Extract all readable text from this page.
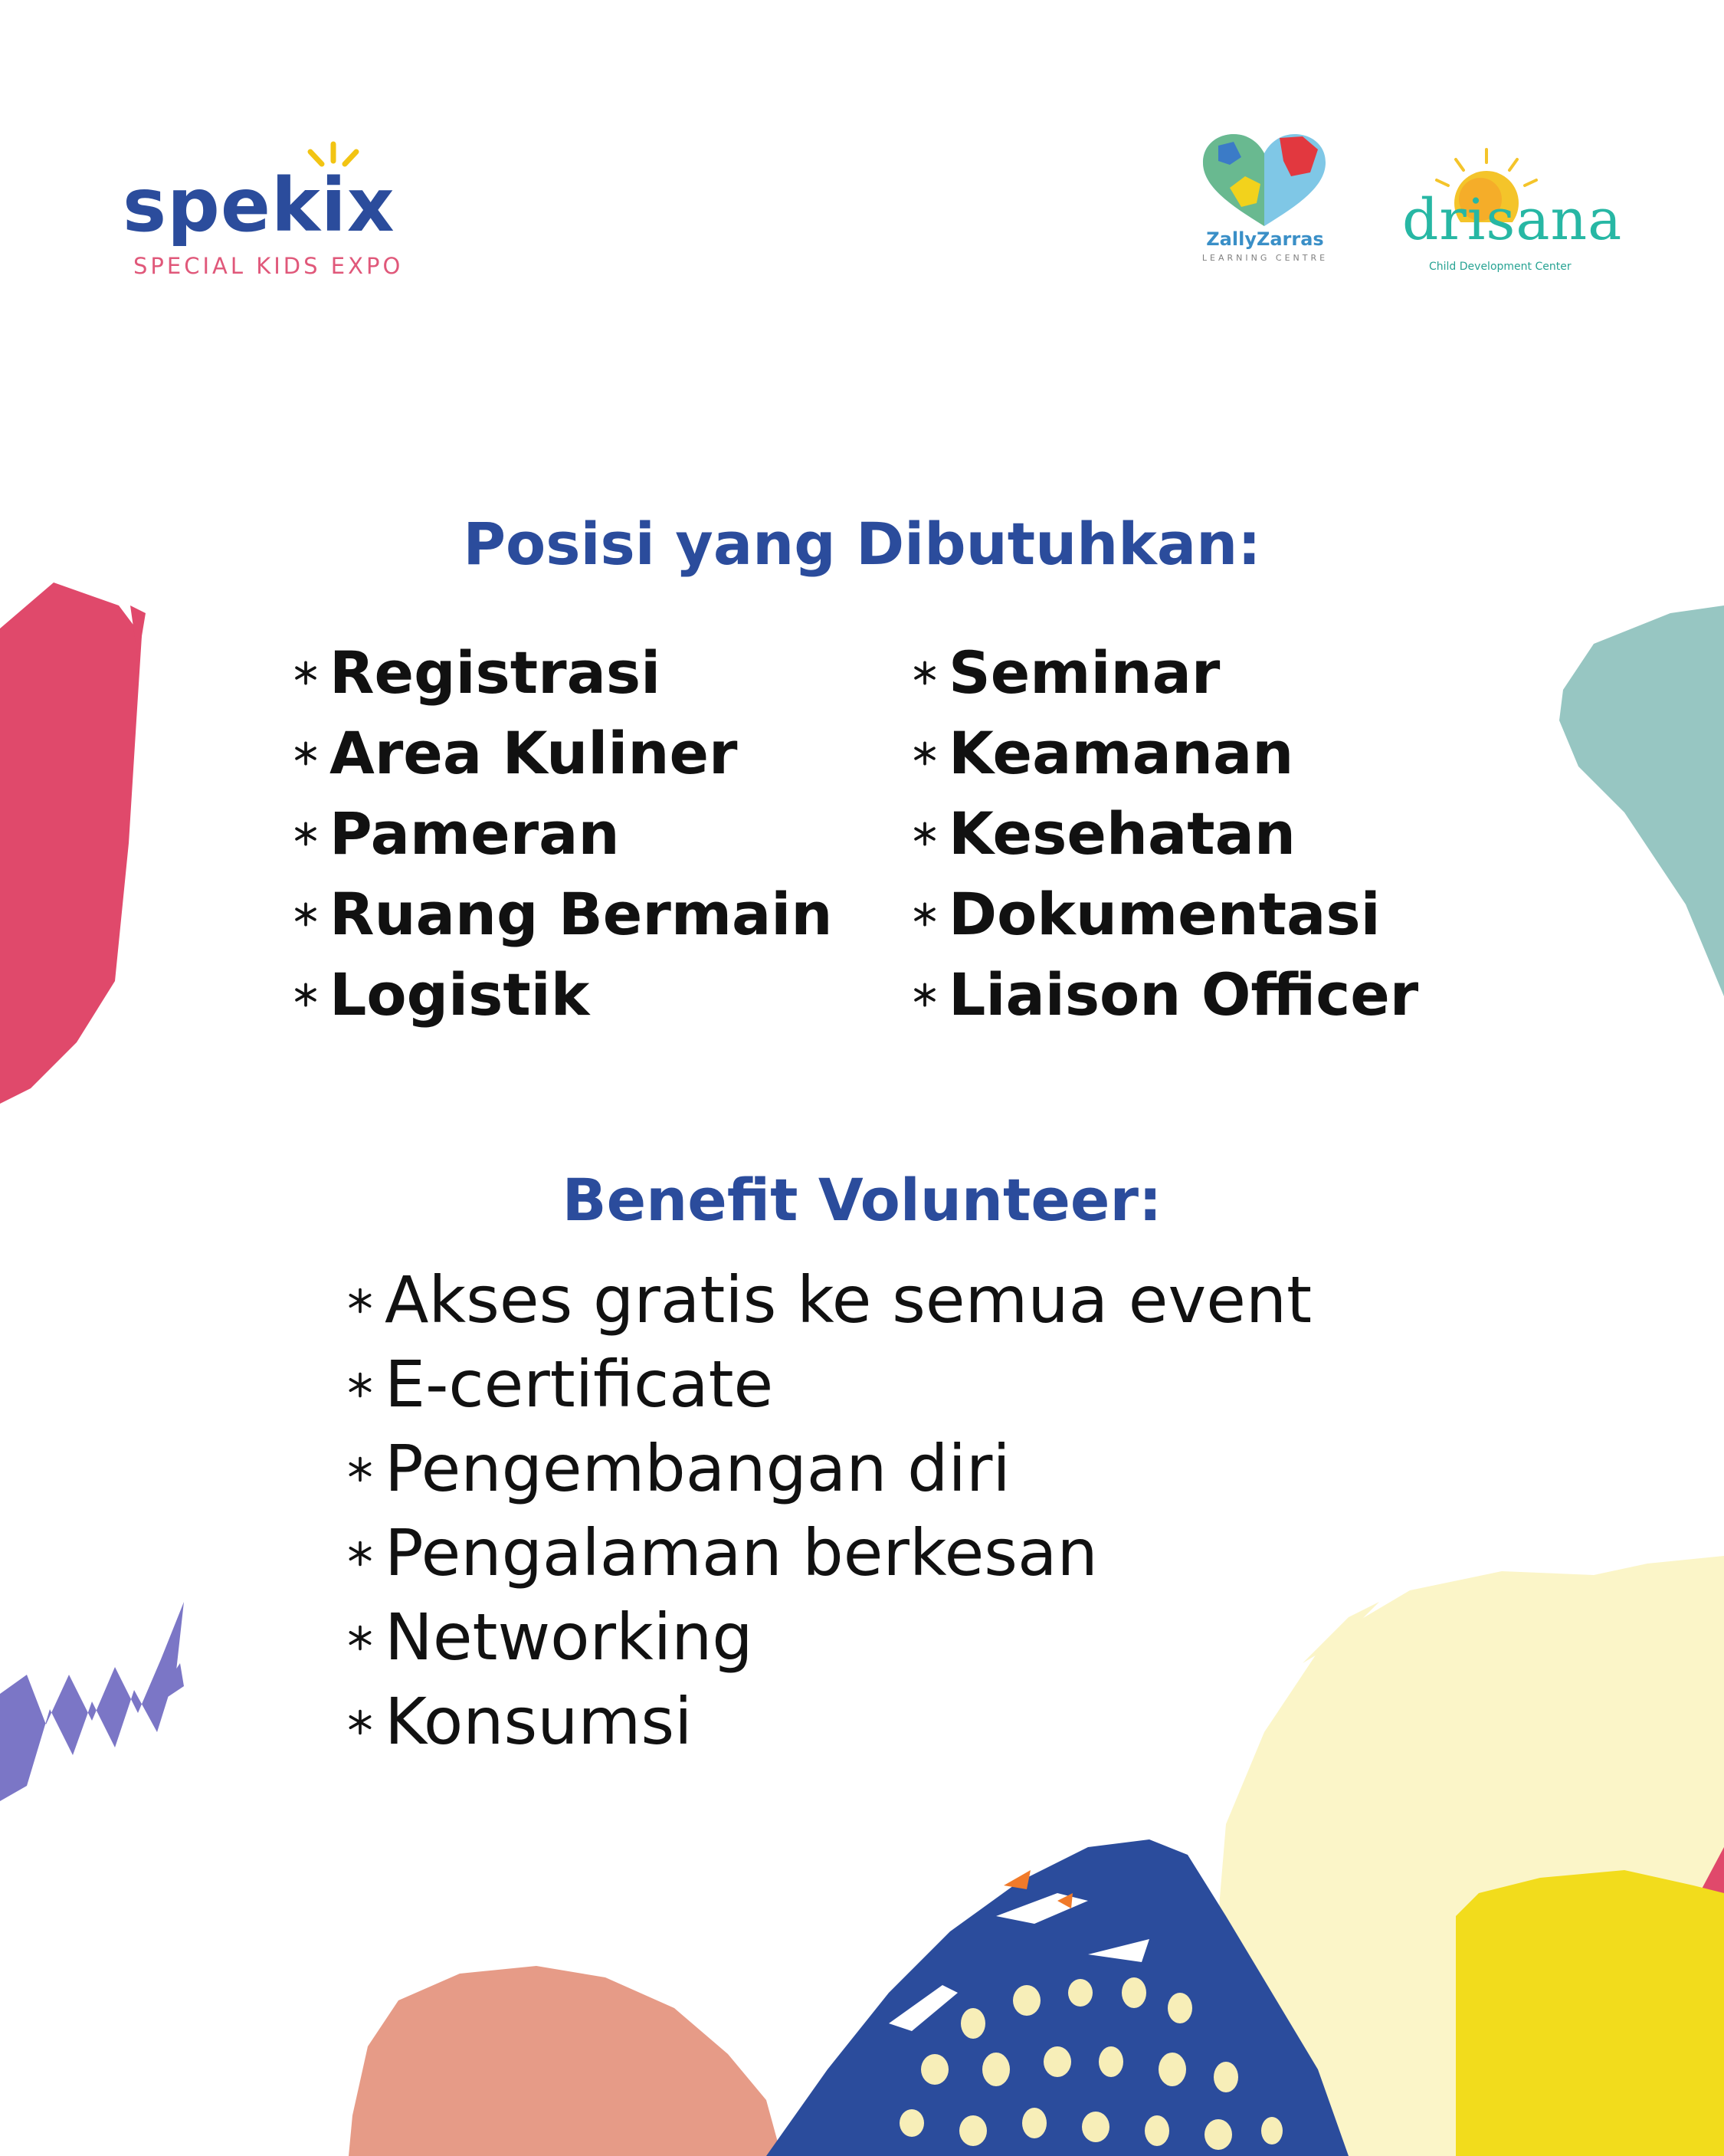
spekix
SPECIAL KIDS EXPO
ZallyZarras
LEARNING CENTRE
drisana
Child Development Center
Posisi yang Dibutuhkan:
Registrasi
Area Kuliner
Pameran
Ruang Bermain
Logistik
Seminar
Keamanan
Kesehatan
Dokumentasi
Liaison Officer
Benefit Volunteer:
Akses gratis ke semua event
E-certificate
Pengembangan diri
Pengalaman berkesan
Networking
Konsumsi
